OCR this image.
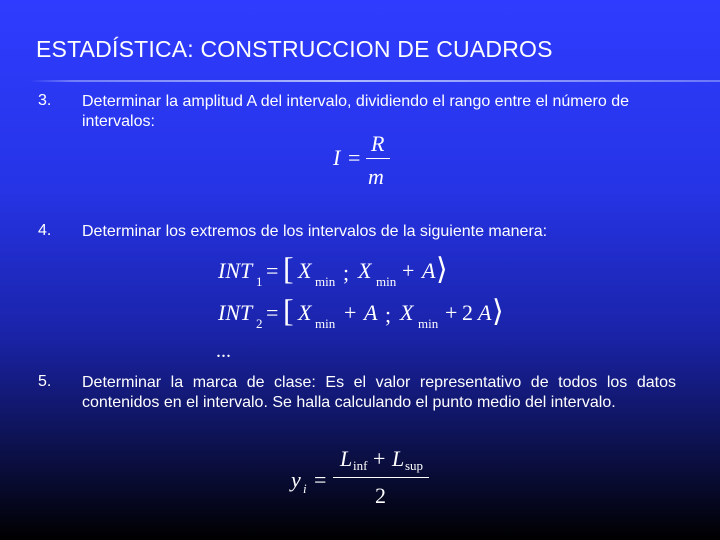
ESTADÍSTICA: CONSTRUCCION DE CUADROS
3. Determinar la amplitud A del intervalo, dividiendo el rango entre el número de intervalos:
I =
R
m
4. Determinar los extremos de los intervalos de la siguiente manera:
INT 1 = [ X min ; X min + A ⟩
INT 2 = [ X min + A ; X min + 2 A ⟩
...
5. Determinar la marca de clase: Es el valor representativo de todos los datos contenidos en el intervalo. Se halla calculando el punto medio del intervalo.
y i =
L inf + L sup
2
